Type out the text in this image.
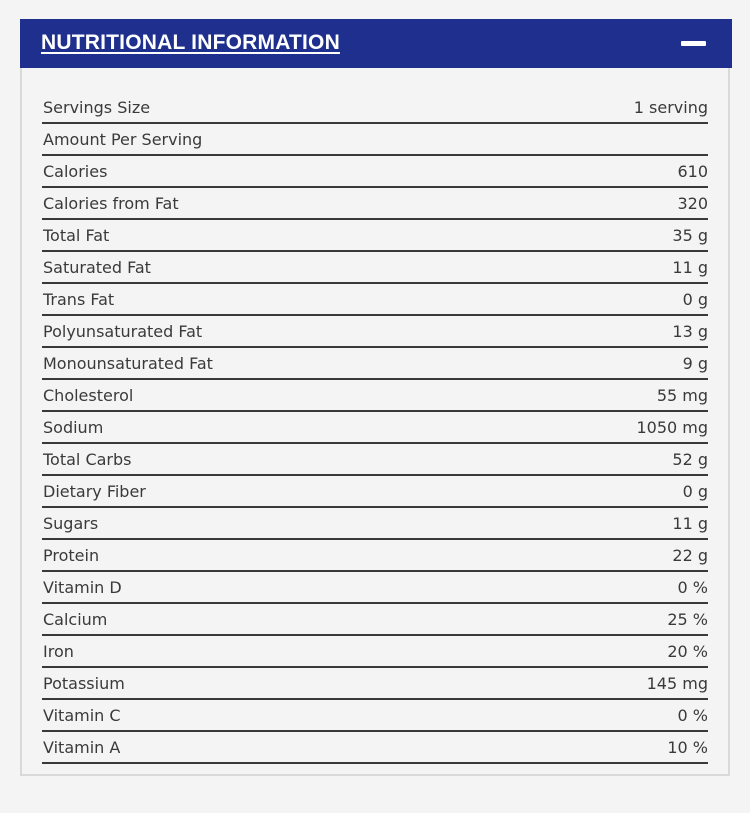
NUTRITIONAL INFORMATION
Servings Size	1 serving
Amount Per Serving
Calories	610
Calories from Fat	320
Total Fat	35 g
Saturated Fat	11 g
Trans Fat	0 g
Polyunsaturated Fat	13 g
Monounsaturated Fat	9 g
Cholesterol	55 mg
Sodium	1050 mg
Total Carbs	52 g
Dietary Fiber	0 g
Sugars	11 g
Protein	22 g
Vitamin D	0 %
Calcium	25 %
Iron	20 %
Potassium	145 mg
Vitamin C	0 %
Vitamin A	10 %
